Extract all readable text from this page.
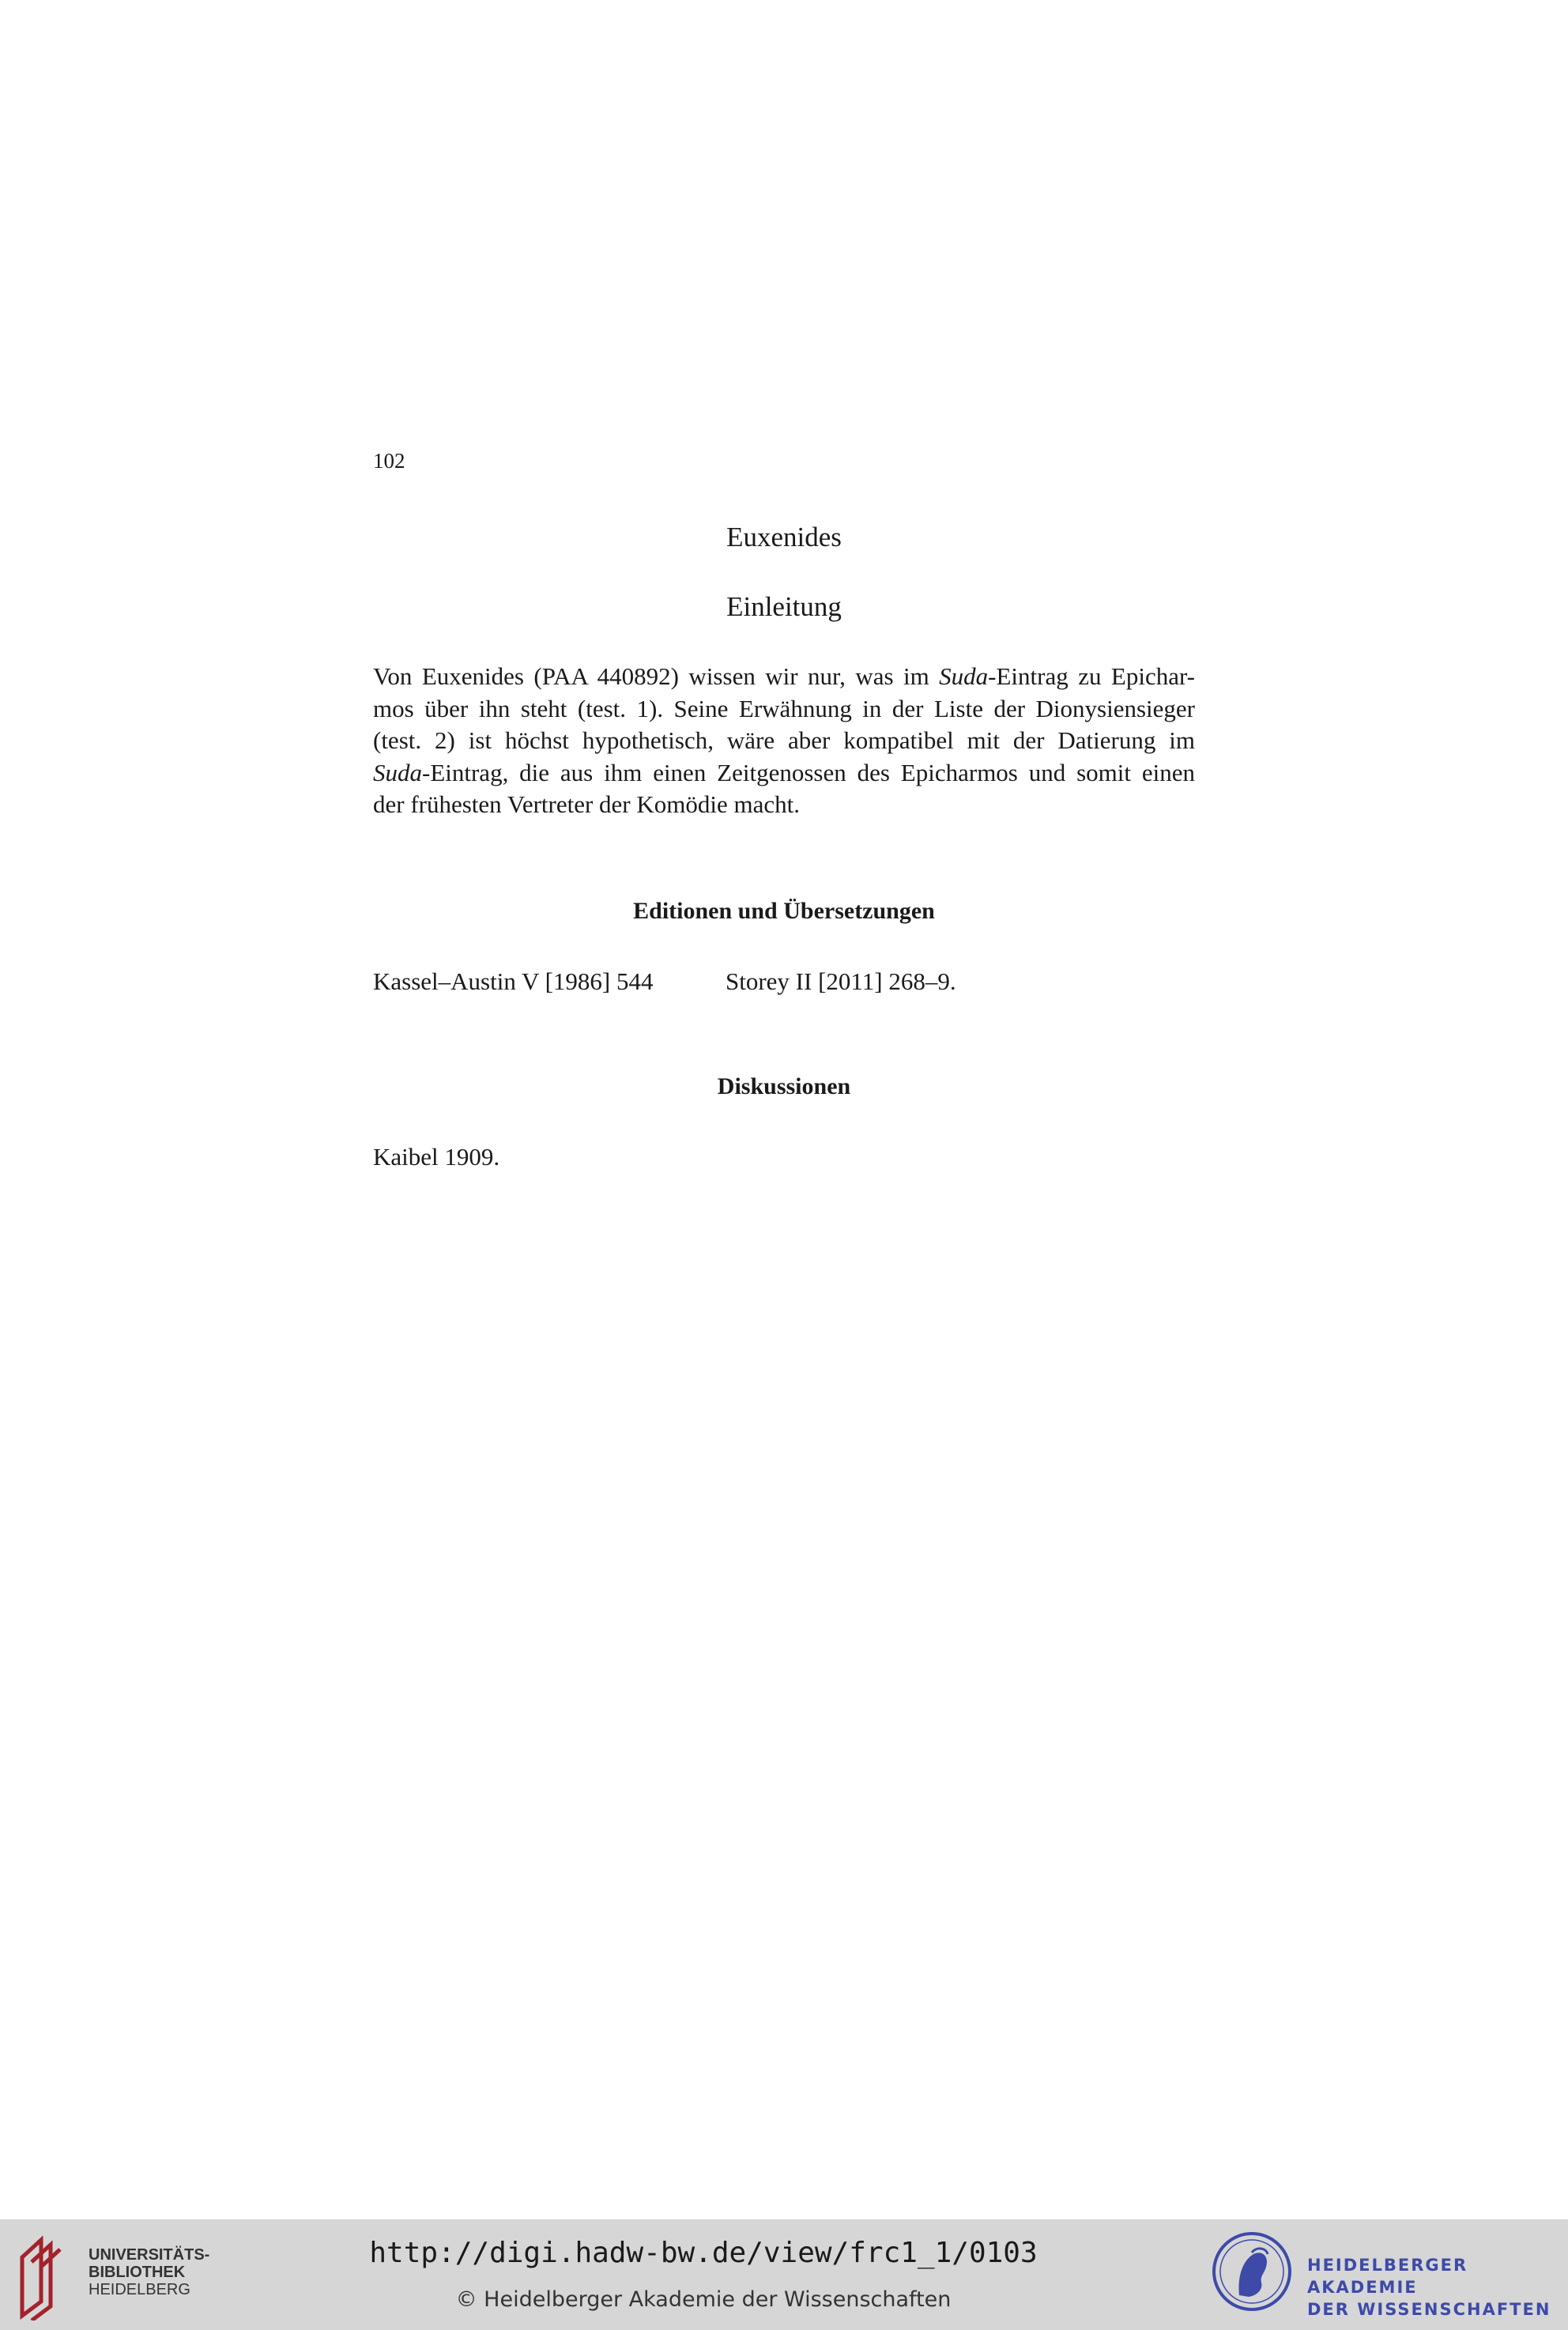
102
Euxenides
Einleitung
Von Euxenides (PAA 440892) wissen wir nur, was im Suda-Eintrag zu Epichar-
mos über ihn steht (test. 1). Seine Erwähnung in der Liste der Dionysiensieger
(test. 2) ist höchst hypothetisch, wäre aber kompatibel mit der Datierung im
Suda-Eintrag, die aus ihm einen Zeitgenossen des Epicharmos und somit einen
der frühesten Vertreter der Komödie macht.
Editionen und Übersetzungen
Kassel–Austin V [1986] 544	Storey II [2011] 268–9.
Diskussionen
Kaibel 1909.
UNIVERSITÄTS-
BIBLIOTHEK
HEIDELBERG
http://digi.hadw-bw.de/view/frc1_1/0103
© Heidelberger Akademie der Wissenschaften
HEIDELBERGER AKADEMIE
DER WISSENSCHAFTEN
